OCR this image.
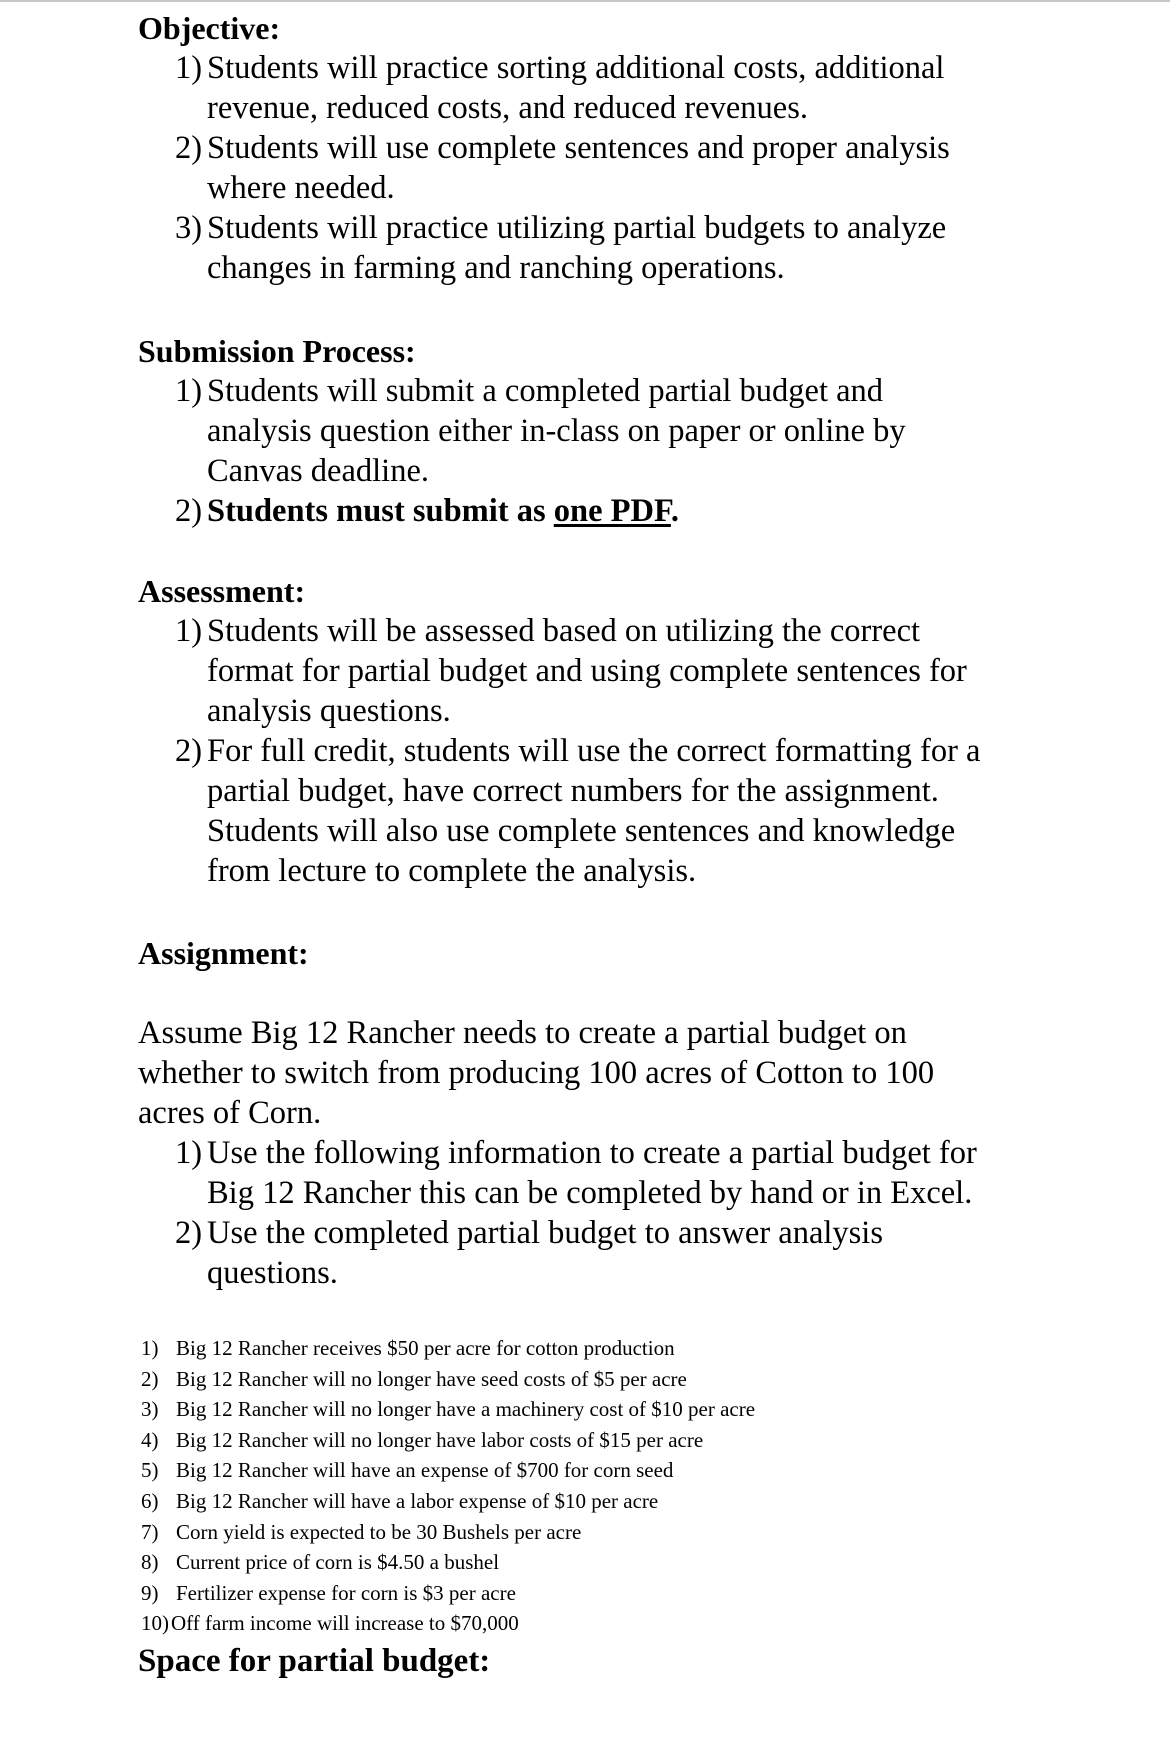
Objective:
1) Students will practice sorting additional costs, additional
revenue, reduced costs, and reduced revenues.
2) Students will use complete sentences and proper analysis
where needed.
3) Students will practice utilizing partial budgets to analyze
changes in farming and ranching operations.
Submission Process:
1) Students will submit a completed partial budget and
analysis question either in-class on paper or online by
Canvas deadline.
2) Students must submit as one PDF.
Assessment:
1) Students will be assessed based on utilizing the correct
format for partial budget and using complete sentences for
analysis questions.
2) For full credit, students will use the correct formatting for a
partial budget, have correct numbers for the assignment.
Students will also use complete sentences and knowledge
from lecture to complete the analysis.
Assignment:
Assume Big 12 Rancher needs to create a partial budget on
whether to switch from producing 100 acres of Cotton to 100
acres of Corn.
1) Use the following information to create a partial budget for
Big 12 Rancher this can be completed by hand or in Excel.
2) Use the completed partial budget to answer analysis
questions.
1) Big 12 Rancher receives $50 per acre for cotton production
2) Big 12 Rancher will no longer have seed costs of $5 per acre
3) Big 12 Rancher will no longer have a machinery cost of $10 per acre
4) Big 12 Rancher will no longer have labor costs of $15 per acre
5) Big 12 Rancher will have an expense of $700 for corn seed
6) Big 12 Rancher will have a labor expense of $10 per acre
7) Corn yield is expected to be 30 Bushels per acre
8) Current price of corn is $4.50 a bushel
9) Fertilizer expense for corn is $3 per acre
10)Off farm income will increase to $70,000
Space for partial budget:
